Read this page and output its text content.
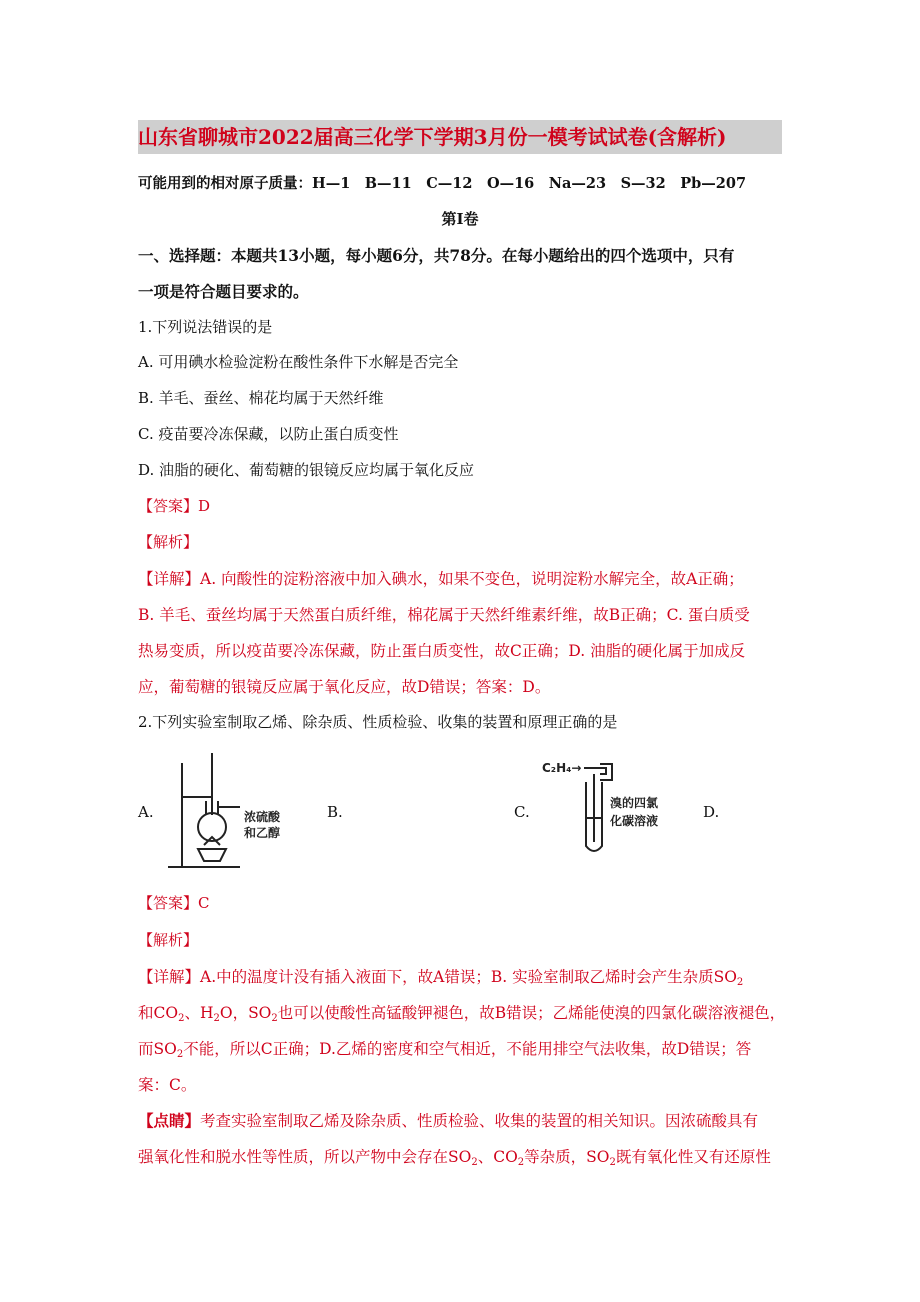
山东省聊城市2022届高三化学下学期3月份一模考试试卷(含解析)
可能用到的相对原子质量：H—1　B—11　C—12　O—16　Na—23　S—32　Pb—207
第Ⅰ卷
一、选择题：本题共13小题，每小题6分，共78分。在每小题给出的四个选项中，只有
一项是符合题目要求的。
1.下列说法错误的是
A. 可用碘水检验淀粉在酸性条件下水解是否完全
B. 羊毛、蚕丝、棉花均属于天然纤维
C. 疫苗要冷冻保藏，以防止蛋白质变性
D. 油脂的硬化、葡萄糖的银镜反应均属于氧化反应
【答案】D
【解析】
【详解】A. 向酸性的淀粉溶液中加入碘水，如果不变色，说明淀粉水解完全，故A正确；
B. 羊毛、蚕丝均属于天然蛋白质纤维，棉花属于天然纤维素纤维，故B正确；C. 蛋白质受
热易变质，所以疫苗要冷冻保藏，防止蛋白质变性，故C正确；D. 油脂的硬化属于加成反
应，葡萄糖的银镜反应属于氧化反应，故D错误；答案：D。
2.下列实验室制取乙烯、除杂质、性质检验、收集的装置和原理正确的是
A.	B.	C.	D.
浓硫酸
和乙醇
C₂H₄→
溴的四氯
化碳溶液
【答案】C
【解析】
【详解】A.中的温度计没有插入液面下，故A错误；B. 实验室制取乙烯时会产生杂质$SO_2$
和$CO_2$、$H_2O$，$SO_2$也可以使酸性高锰酸钾褪色，故B错误；乙烯能使溴的四氯化碳溶液褪色，
而$SO_2$不能，所以C正确；D.乙烯的密度和空气相近，不能用排空气法收集，故D错误；答
案：C。
【点睛】考查实验室制取乙烯及除杂质、性质检验、收集的装置的相关知识。因浓硫酸具有
强氧化性和脱水性等性质，所以产物中会存在$SO_2$、$CO_2$等杂质，$SO_2$既有氧化性又有还原性
